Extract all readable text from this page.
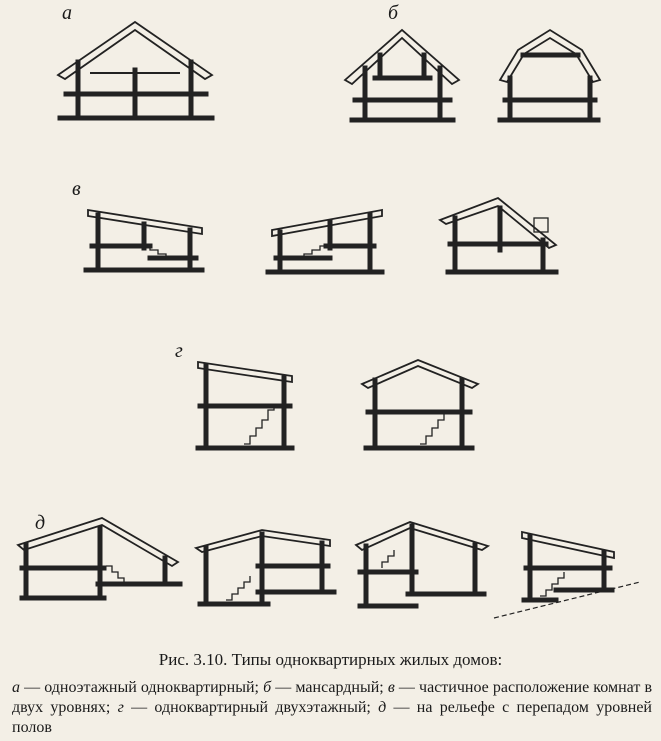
а	б
в
г
д
Рис. 3.10. Типы одноквартирных жилых домов:
а — одноэтажный одноквартирный; б — мансардный; в — частичное расположение комнат в двух уровнях; г — одноквартирный двухэтажный; д — на рельефе с перепадом уровней полов
